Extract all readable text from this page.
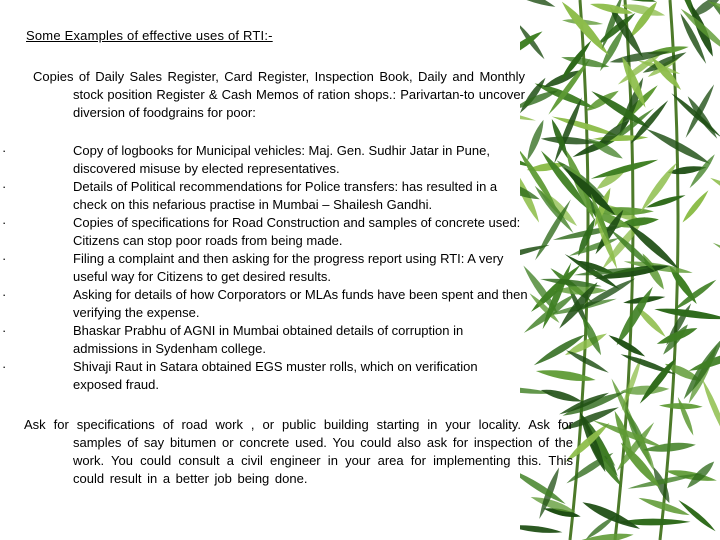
Some Examples of effective uses of RTI:-
Copies of Daily Sales Register, Card Register, Inspection Book, Daily and Monthly stock position Register & Cash Memos of ration shops.: Parivartan-to uncover diversion of foodgrains for poor:
·	Copy of logbooks for Municipal vehicles: Maj. Gen. Sudhir Jatar in Pune, discovered misuse by elected representatives.
·	Details of Political recommendations for Police transfers: has resulted in a check on this nefarious practise in Mumbai – Shailesh Gandhi.
·	Copies of specifications for Road Construction and samples of concrete used: Citizens can stop poor roads from being made.
·	Filing a complaint and then asking for the progress report using RTI: A very useful way for Citizens to get desired results.
·	Asking for details of how Corporators or MLAs funds have been spent and then verifying the expense.
·	Bhaskar Prabhu of AGNI in Mumbai obtained details of corruption in admissions in Sydenham college.
·	Shivaji Raut in Satara obtained EGS muster rolls, which on verification exposed fraud.
Ask for specifications of road work , or public building starting in your locality. Ask for samples of say bitumen or concrete used. You could also ask for inspection of the work. You could consult a civil engineer in your area for implementing this. This could result in a better job being done.
